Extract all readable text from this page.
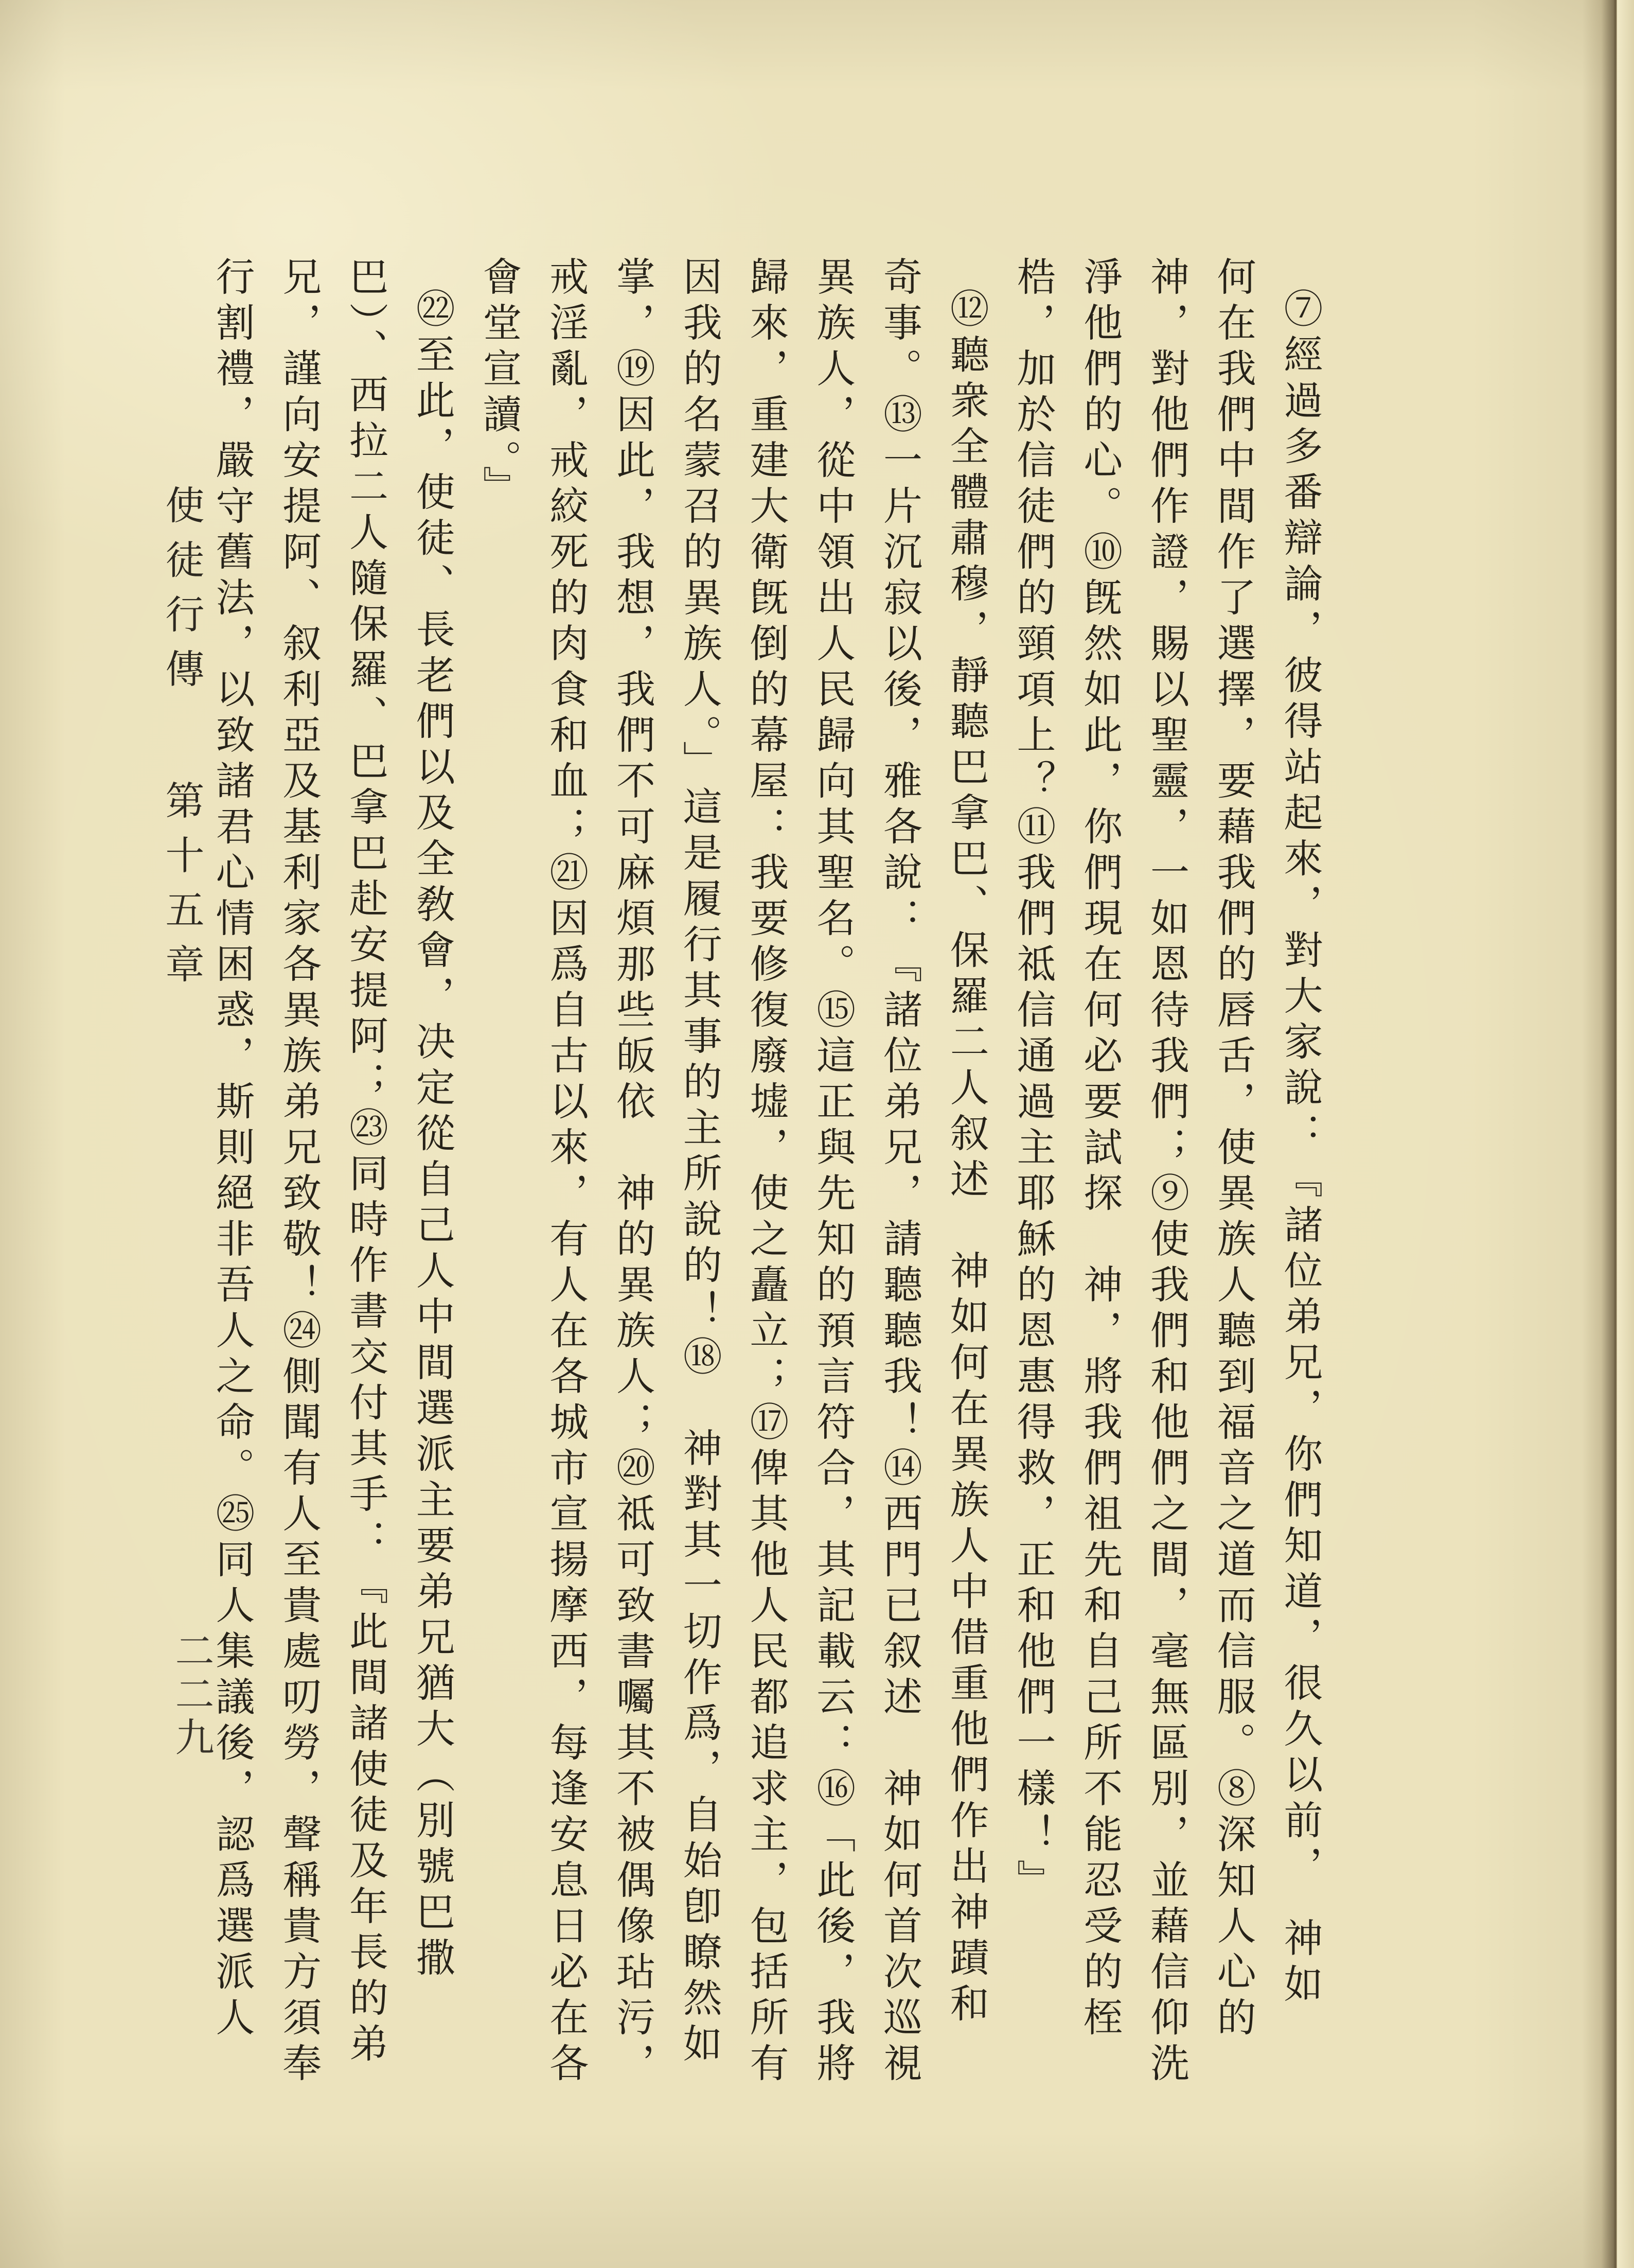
⑦經過多番辯論，彼得站起來，對大家說：『諸位弟兄，你們知道，很久以前，　神如
何在我們中間作了選擇，要藉我們的唇舌，使異族人聽到福音之道而信服。⑧深知人心的
神，對他們作證，賜以聖靈，一如恩待我們；⑨使我們和他們之間，毫無區別，並藉信仰洗
淨他們的心。⑩旣然如此，你們現在何必要試探　神，將我們祖先和自己所不能忍受的桎
梏，加於信徒們的頸項上？⑪我們祗信通過主耶穌的恩惠得救，正和他們一樣！』
⑫聽衆全體肅穆，靜聽巴拿巴、保羅二人叙述　神如何在異族人中借重他們作出神蹟和
奇事。⑬一片沉寂以後，雅各說：『諸位弟兄，請聽聽我！⑭西門已叙述　神如何首次巡視
異族人，從中領出人民歸向其聖名。⑮這正與先知的預言符合，其記載云：⑯「此後，我將
歸來，重建大衛旣倒的幕屋：我要修復廢墟，使之矗立；⑰俾其他人民都追求主，包括所有
因我的名蒙召的異族人。」這是履行其事的主所說的！⑱　神對其一切作爲，自始卽瞭然如
掌，⑲因此，我想，我們不可麻煩那些皈依　神的異族人；⑳祗可致書囑其不被偶像玷污，
戒淫亂，戒絞死的肉食和血；㉑因爲自古以來，有人在各城市宣揚摩西，每逢安息日必在各
會堂宣讀。』
㉒至此，使徒、長老們以及全敎會，决定從自己人中間選派主要弟兄猶大（別號巴撒
巴）、西拉二人隨保羅、巴拿巴赴安提阿；㉓同時作書交付其手：『此間諸使徒及年長的弟
兄，謹向安提阿、叙利亞及基利家各異族弟兄致敬！㉔側聞有人至貴處叨勞，聲稱貴方須奉
行割禮，嚴守舊法，以致諸君心情困惑，斯則絕非吾人之命。㉕同人集議後，認爲選派人
使徒行傳第十五章
二二九
